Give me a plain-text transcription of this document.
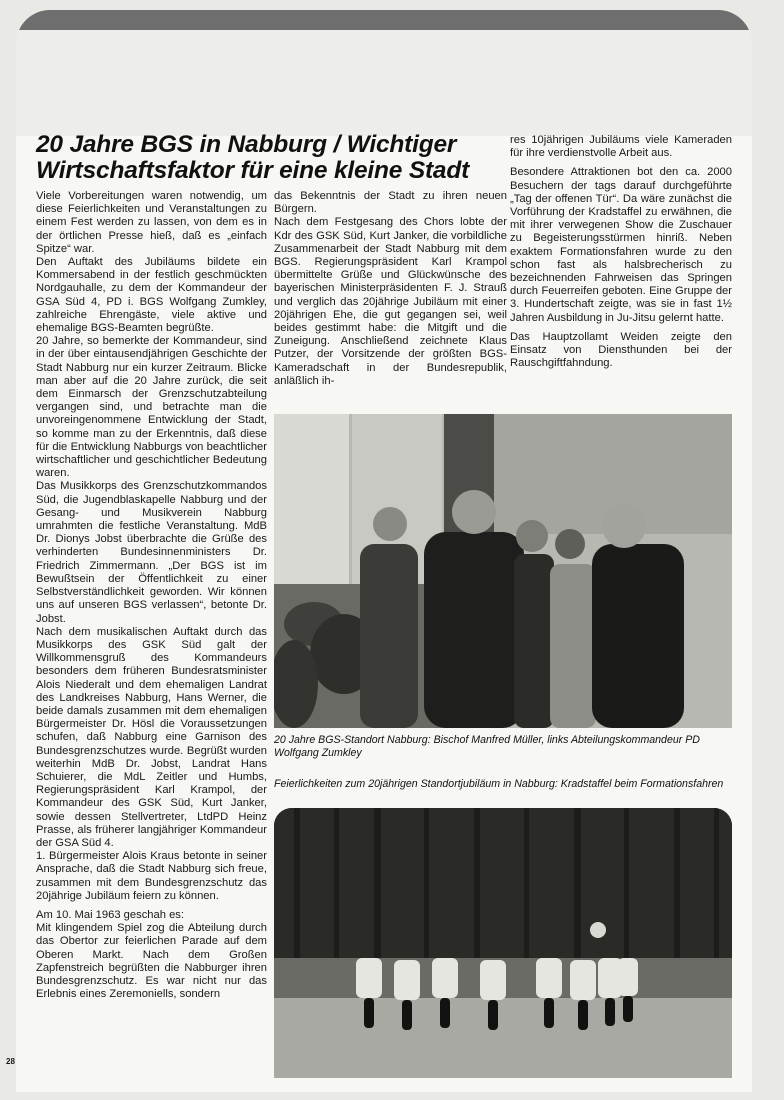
20 Jahre BGS in Nabburg / Wichtiger Wirtschaftsfaktor für eine kleine Stadt

Viele Vorbereitungen waren notwendig, um diese Feierlichkeiten und Veranstaltungen zu einem Fest werden zu lassen, von dem es in der örtlichen Presse hieß, daß es „einfach Spitze“ war.

Den Auftakt des Jubiläums bildete ein Kommersabend in der festlich geschmückten Nordgauhalle, zu dem der Kommandeur der GSA Süd 4, PD i. BGS Wolfgang Zumkley, zahlreiche Ehrengäste, viele aktive und ehemalige BGS-Beamten begrüßte.

20 Jahre, so bemerkte der Kommandeur, sind in der über eintausendjährigen Geschichte der Stadt Nabburg nur ein kurzer Zeitraum. Blicke man aber auf die 20 Jahre zurück, die seit dem Einmarsch der Grenzschutzabteilung vergangen sind, und betrachte man die unvoreingenommene Entwicklung der Stadt, so komme man zu der Erkenntnis, daß diese für die Entwicklung Nabburgs von beachtlicher wirtschaftlicher und geschichtlicher Bedeutung waren.

Das Musikkorps des Grenzschutzkommandos Süd, die Jugendblaskapelle Nabburg und der Gesang- und Musikverein Nabburg umrahmten die festliche Veranstaltung. MdB Dr. Dionys Jobst überbrachte die Grüße des verhinderten Bundesinnenministers Dr. Friedrich Zimmermann. „Der BGS ist im Bewußtsein der Öffentlichkeit zu einer Selbstverständlichkeit geworden. Wir können uns auf unseren BGS verlassen“, betonte Dr. Jobst.

Nach dem musikalischen Auftakt durch das Musikkorps des GSK Süd galt der Willkommensgruß des Kommandeurs besonders dem früheren Bundesratsminister Alois Niederalt und dem ehemaligen Landrat des Landkreises Nabburg, Hans Werner, die beide damals zusammen mit dem ehemaligen Bürgermeister Dr. Hösl die Voraussetzungen schufen, daß Nabburg eine Garnison des Bundesgrenzschutzes wurde. Begrüßt wurden weiterhin MdB Dr. Jobst, Landrat Hans Schuierer, die MdL Zeitler und Humbs, Regierungspräsident Karl Krampol, der Kommandeur des GSK Süd, Kurt Janker, sowie dessen Stellvertreter, LtdPD Heinz Prasse, als früherer langjähriger Kommandeur der GSA Süd 4.

1. Bürgermeister Alois Kraus betonte in seiner Ansprache, daß die Stadt Nabburg sich freue, zusammen mit dem Bundesgrenzschutz das 20jährige Jubiläum feiern zu können.

Am 10. Mai 1963 geschah es:

Mit klingendem Spiel zog die Abteilung durch das Obertor zur feierlichen Parade auf dem Oberen Markt. Nach dem Großen Zapfenstreich begrüßten die Nabburger ihren Bundesgrenzschutz. Es war nicht nur das Erlebnis eines Zeremoniells, sondern

das Bekenntnis der Stadt zu ihren neuen Bürgern.

Nach dem Festgesang des Chors lobte der Kdr des GSK Süd, Kurt Janker, die vorbildliche Zusammenarbeit der Stadt Nabburg mit dem BGS. Regierungspräsident Karl Krampol übermittelte Grüße und Glückwünsche des bayerischen Ministerpräsidenten F. J. Strauß und verglich das 20jährige Jubiläum mit einer 20jährigen Ehe, die gut gegangen sei, weil beides gestimmt habe: die Mitgift und die Zuneigung. Anschließend zeichnete Klaus Putzer, der Vorsitzende der größten BGS-Kameradschaft in der Bundesrepublik, anläßlich ih-

res 10jährigen Jubiläums viele Kameraden für ihre verdienstvolle Arbeit aus.

Besondere Attraktionen bot den ca. 2000 Besuchern der tags darauf durchgeführte „Tag der offenen Tür“. Da wäre zunächst die Vorführung der Kradstaffel zu erwähnen, die mit ihrer verwegenen Show die Zuschauer zu Begeisterungsstürmen hinriß. Neben exaktem Formationsfahren wurde zu den schon fast als halsbrecherisch zu bezeichnenden Fahrweisen das Springen durch Feuerreifen geboten. Eine Gruppe der 3. Hundertschaft zeigte, was sie in fast 1½ Jahren Ausbildung in Ju-Jitsu gelernt hatte.

Das Hauptzollamt Weiden zeigte den Einsatz von Diensthunden bei der Rauschgiftfahndung.

20 Jahre BGS-Standort Nabburg: Bischof Manfred Müller, links Abteilungskommandeur PD Wolfgang Zumkley
Feierlichkeiten zum 20jährigen Standortjubiläum in Nabburg: Kradstaffel beim Formationsfahren
28
